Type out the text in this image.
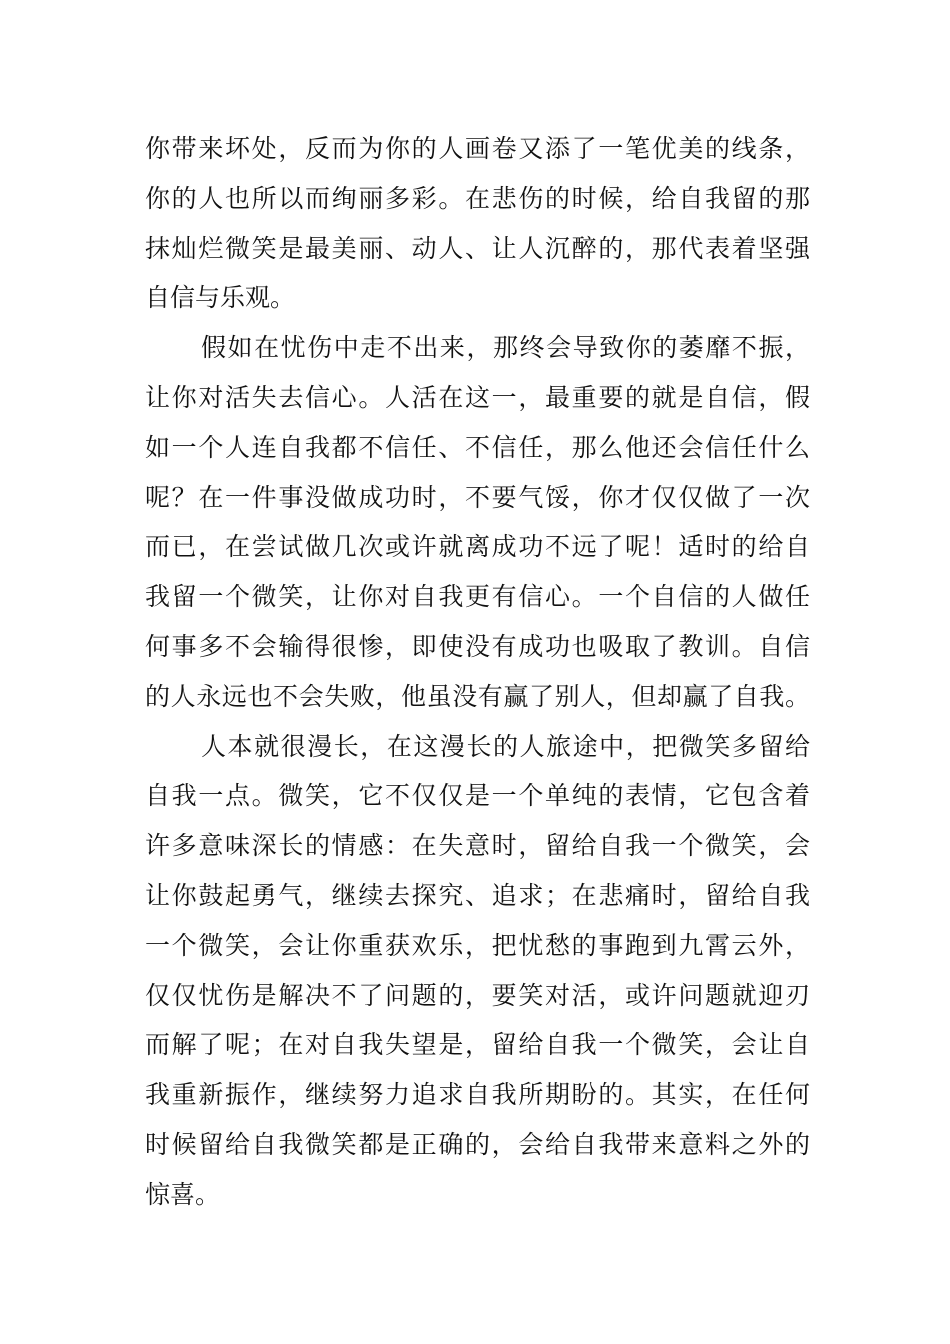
你带来坏处，反而为你的人画卷又添了一笔优美的线条，
你的人也所以而绚丽多彩。在悲伤的时候，给自我留的那
抹灿烂微笑是最美丽、动人、让人沉醉的，那代表着坚强
自信与乐观。
假如在忧伤中走不出来，那终会导致你的萎靡不振，
让你对活失去信心。人活在这一，最重要的就是自信，假
如一个人连自我都不信任、不信任，那么他还会信任什么
呢？在一件事没做成功时，不要气馁，你才仅仅做了一次
而已，在尝试做几次或许就离成功不远了呢！适时的给自
我留一个微笑，让你对自我更有信心。一个自信的人做任
何事多不会输得很惨，即使没有成功也吸取了教训。自信
的人永远也不会失败，他虽没有赢了别人，但却赢了自我。
人本就很漫长，在这漫长的人旅途中，把微笑多留给
自我一点。微笑，它不仅仅是一个单纯的表情，它包含着
许多意味深长的情感：在失意时，留给自我一个微笑，会
让你鼓起勇气，继续去探究、追求；在悲痛时，留给自我
一个微笑，会让你重获欢乐，把忧愁的事跑到九霄云外，
仅仅忧伤是解决不了问题的，要笑对活，或许问题就迎刃
而解了呢；在对自我失望是，留给自我一个微笑，会让自
我重新振作，继续努力追求自我所期盼的。其实，在任何
时候留给自我微笑都是正确的，会给自我带来意料之外的
惊喜。
